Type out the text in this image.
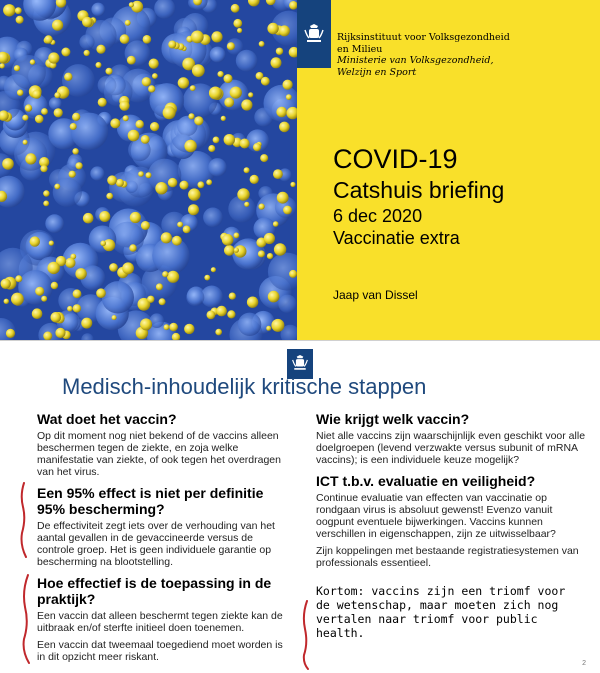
Rijksinstituut voor Volksgezondheid
en Milieu
Ministerie van Volksgezondheid,
Welzijn en Sport
COVID-19
Catshuis briefing
6 dec 2020
Vaccinatie extra
Jaap van Dissel
Medisch-inhoudelijk kritische stappen
Wat doet het vaccin?
Op dit moment nog niet bekend of de vaccins alleen beschermen tegen de ziekte, en zoja welke manifestatie van ziekte, of ook tegen het overdragen van het virus.
Een 95% effect is niet per definitie 95% bescherming?
De effectiviteit zegt iets over de verhouding van het aantal gevallen in de gevaccineerde versus de controle groep. Het is geen individuele garantie op bescherming na blootstelling.
Hoe effectief is de toepassing in de praktijk?
Een vaccin dat alleen beschermt tegen ziekte kan de uitbraak en/of sterfte initieel doen toenemen.
Een vaccin dat tweemaal toegediend moet worden is in dit opzicht meer riskant.
Wie krijgt welk vaccin?
Niet alle vaccins zijn waarschijnlijk even geschikt voor alle doelgroepen (levend verzwakte versus subunit of mRNA vaccins); is een individuele keuze mogelijk?
ICT t.b.v. evaluatie en veiligheid?
Continue evaluatie van effecten van vaccinatie op rondgaan virus is absoluut gewenst! Evenzo vanuit oogpunt eventuele bijwerkingen. Vaccins kunnen verschillen in eigenschappen, zijn ze uitwisselbaar?
Zijn koppelingen met bestaande registratiesystemen van professionals essentieel.
Kortom: vaccins zijn een triomf voor de wetenschap, maar moeten zich nog vertalen naar triomf voor public health.
2
